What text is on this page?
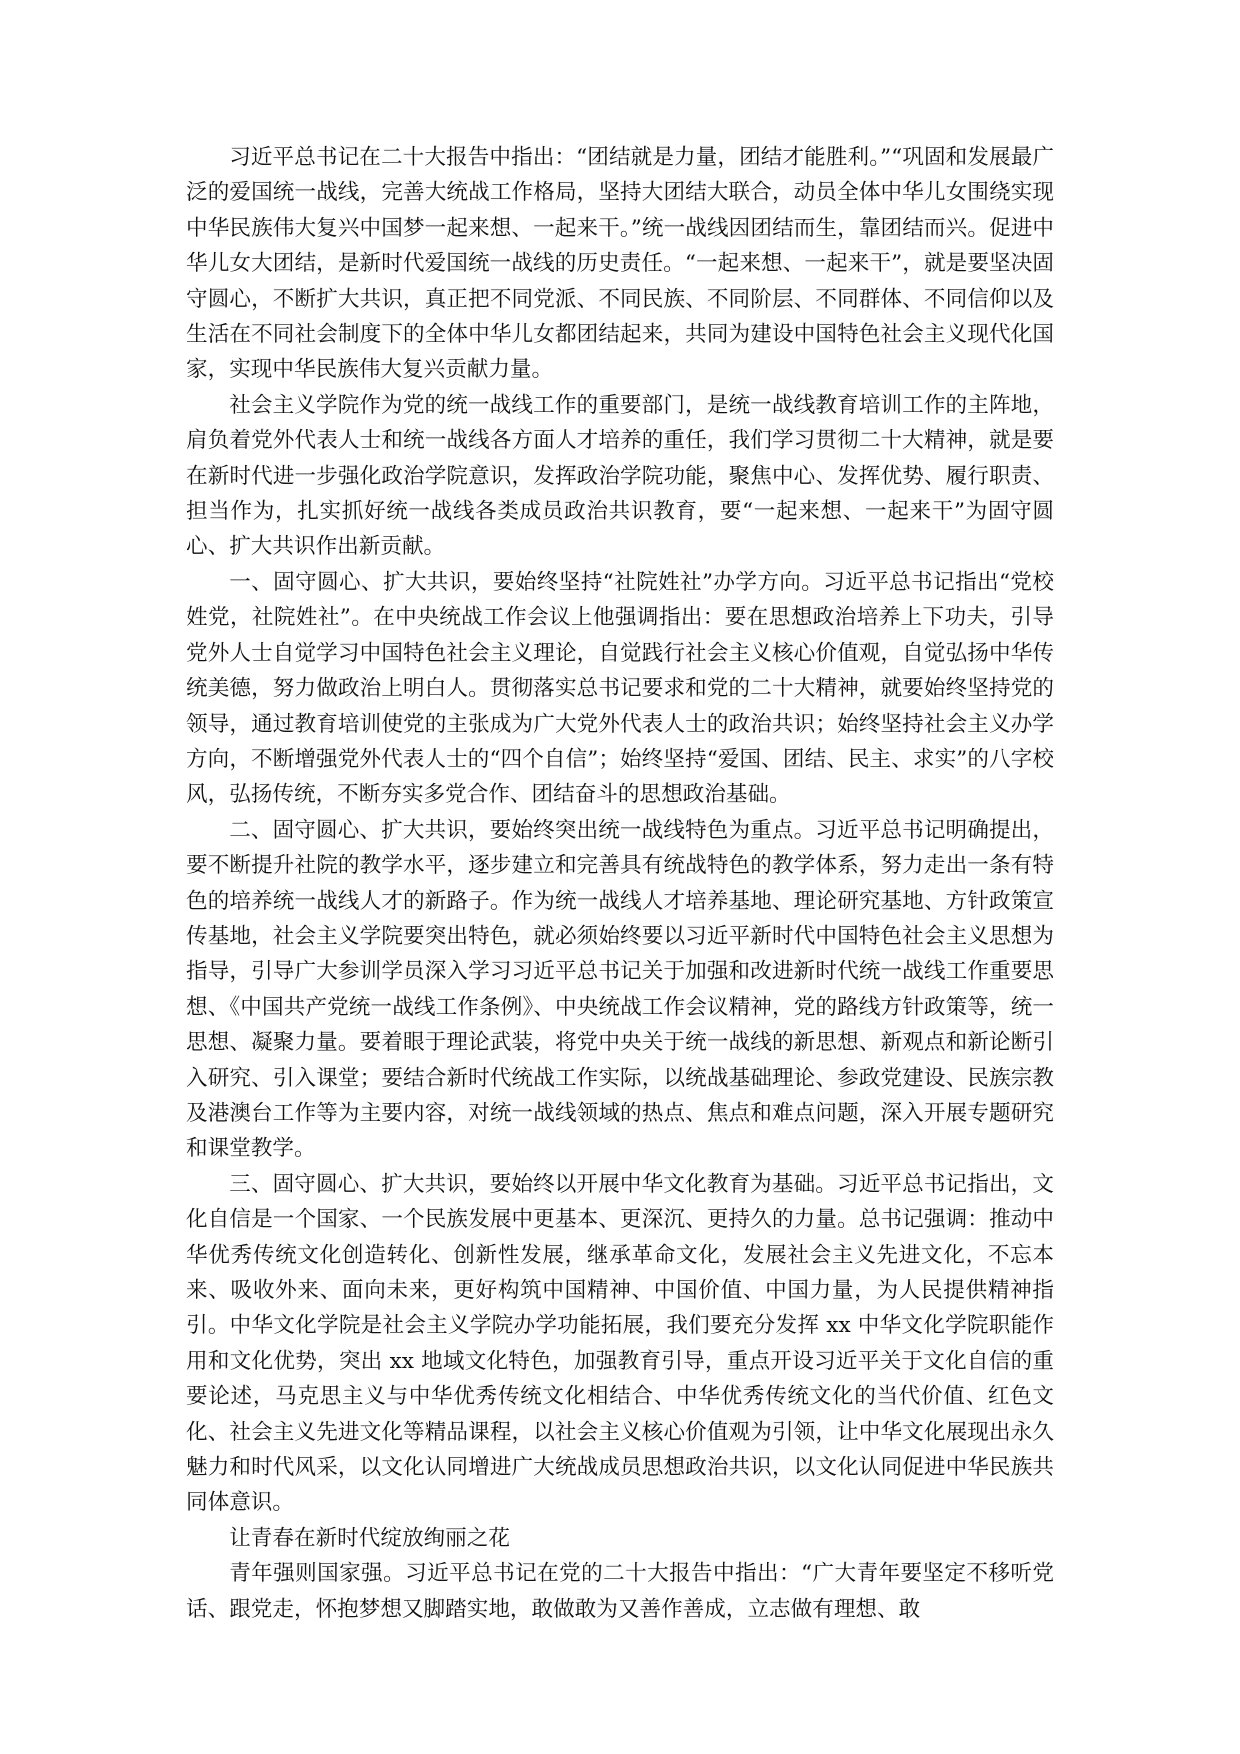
习近平总书记在二十大报告中指出：“团结就是力量，团结才能胜利。”“巩固和发展最广泛的爱国统一战线，完善大统战工作格局，坚持大团结大联合，动员全体中华儿女围绕实现中华民族伟大复兴中国梦一起来想、一起来干。”统一战线因团结而生，靠团结而兴。促进中华儿女大团结，是新时代爱国统一战线的历史责任。“一起来想、一起来干”，就是要坚决固守圆心，不断扩大共识，真正把不同党派、不同民族、不同阶层、不同群体、不同信仰以及生活在不同社会制度下的全体中华儿女都团结起来，共同为建设中国特色社会主义现代化国家，实现中华民族伟大复兴贡献力量。

社会主义学院作为党的统一战线工作的重要部门，是统一战线教育培训工作的主阵地，肩负着党外代表人士和统一战线各方面人才培养的重任，我们学习贯彻二十大精神，就是要在新时代进一步强化政治学院意识，发挥政治学院功能，聚焦中心、发挥优势、履行职责、担当作为，扎实抓好统一战线各类成员政治共识教育，要“一起来想、一起来干”为固守圆心、扩大共识作出新贡献。

一、固守圆心、扩大共识，要始终坚持“社院姓社”办学方向。习近平总书记指出“党校姓党，社院姓社”。在中央统战工作会议上他强调指出：要在思想政治培养上下功夫，引导党外人士自觉学习中国特色社会主义理论，自觉践行社会主义核心价值观，自觉弘扬中华传统美德，努力做政治上明白人。贯彻落实总书记要求和党的二十大精神，就要始终坚持党的领导，通过教育培训使党的主张成为广大党外代表人士的政治共识；始终坚持社会主义办学方向，不断增强党外代表人士的“四个自信”；始终坚持“爱国、团结、民主、求实”的八字校风，弘扬传统，不断夯实多党合作、团结奋斗的思想政治基础。

二、固守圆心、扩大共识，要始终突出统一战线特色为重点。习近平总书记明确提出，要不断提升社院的教学水平，逐步建立和完善具有统战特色的教学体系，努力走出一条有特色的培养统一战线人才的新路子。作为统一战线人才培养基地、理论研究基地、方针政策宣传基地，社会主义学院要突出特色，就必须始终要以习近平新时代中国特色社会主义思想为指导，引导广大参训学员深入学习习近平总书记关于加强和改进新时代统一战线工作重要思想、《中国共产党统一战线工作条例》、中央统战工作会议精神，党的路线方针政策等，统一思想、凝聚力量。要着眼于理论武装，将党中央关于统一战线的新思想、新观点和新论断引入研究、引入课堂；要结合新时代统战工作实际，以统战基础理论、参政党建设、民族宗教及港澳台工作等为主要内容，对统一战线领域的热点、焦点和难点问题，深入开展专题研究和课堂教学。

三、固守圆心、扩大共识，要始终以开展中华文化教育为基础。习近平总书记指出，文化自信是一个国家、一个民族发展中更基本、更深沉、更持久的力量。总书记强调：推动中华优秀传统文化创造转化、创新性发展，继承革命文化，发展社会主义先进文化，不忘本来、吸收外来、面向未来，更好构筑中国精神、中国价值、中国力量，为人民提供精神指引。中华文化学院是社会主义学院办学功能拓展，我们要充分发挥 xx 中华文化学院职能作用和文化优势，突出 xx 地域文化特色，加强教育引导，重点开设习近平关于文化自信的重要论述，马克思主义与中华优秀传统文化相结合、中华优秀传统文化的当代价值、红色文化、社会主义先进文化等精品课程，以社会主义核心价值观为引领，让中华文化展现出永久魅力和时代风采，以文化认同增进广大统战成员思想政治共识，以文化认同促进中华民族共同体意识。

让青春在新时代绽放绚丽之花

青年强则国家强。习近平总书记在党的二十大报告中指出：“广大青年要坚定不移听党话、跟党走，怀抱梦想又脚踏实地，敢做敢为又善作善成，立志做有理想、敢
